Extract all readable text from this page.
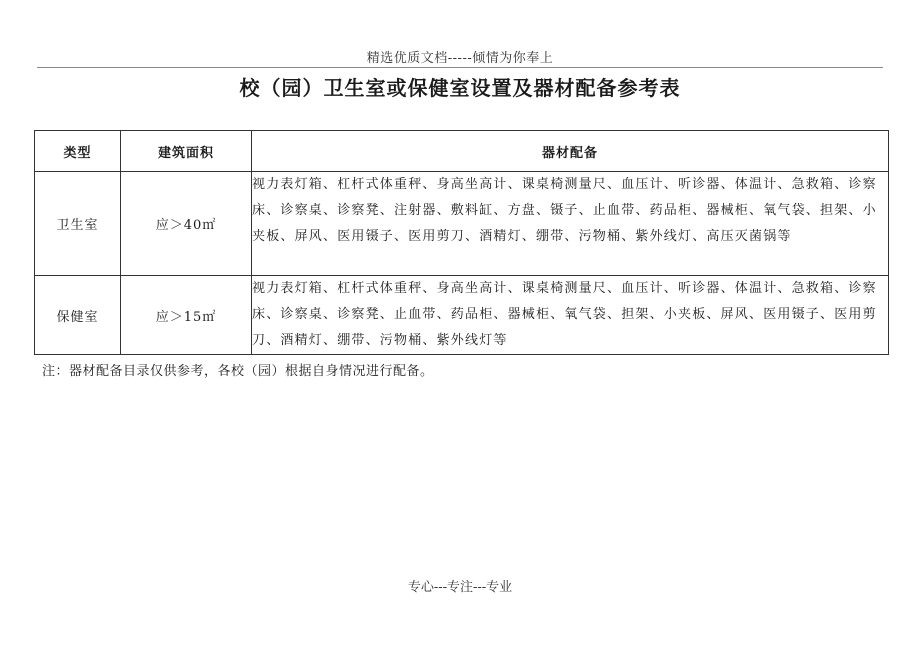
精选优质文档-----倾情为你奉上
校（园）卫生室或保健室设置及器材配备参考表
类型	建筑面积	器材配备
卫生室	应＞40㎡	视力表灯箱、杠杆式体重秤、身高坐高计、课桌椅测量尺、血压计、听诊器、体温计、急救箱、诊察床、诊察桌、诊察凳、注射器、敷料缸、方盘、镊子、止血带、药品柜、器械柜、氧气袋、担架、小夹板、屏风、医用镊子、医用剪刀、酒精灯、绷带、污物桶、紫外线灯、高压灭菌锅等
保健室	应＞15㎡	视力表灯箱、杠杆式体重秤、身高坐高计、课桌椅测量尺、血压计、听诊器、体温计、急救箱、诊察床、诊察桌、诊察凳、止血带、药品柜、器械柜、氧气袋、担架、小夹板、屏风、医用镊子、医用剪刀、酒精灯、绷带、污物桶、紫外线灯等
注：器材配备目录仅供参考，各校（园）根据自身情况进行配备。
专心---专注---专业
